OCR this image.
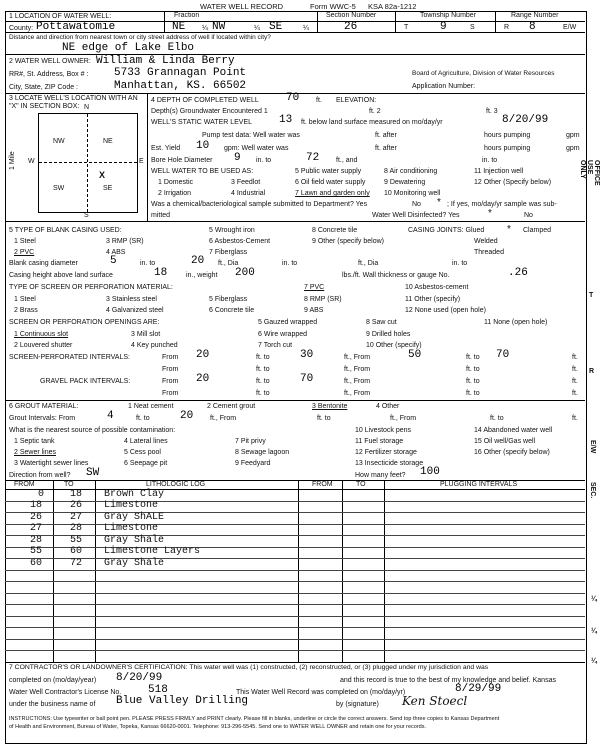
WATER WELL RECORD	Form WWC-5 KSA 82a-1212
1 LOCATION OF WATER WELL:	Fraction	Section Number	Township Number	Range Number
County: Pottawatomie	NE ¼ NW	¼ SE	¼	26	T	9	S	R 8	E/W
Distance and direction from nearest town or city street address of well if located within city?
NE edge of Lake Elbo
2 WATER WELL OWNER: William & Linda Berry
RR#, St. Address, Box # : 5733 Grannagan Point	Board of Agriculture, Division of Water Resources
City, State, ZIP Code :	Manhattan, KS. 66502	Application Number:
3 LOCATE WELL'S LOCATION WITH AN "X" IN SECTION BOX:
NW	NE
SW	SE
X
N
S
W	E
1 Mile
4 DEPTH OF COMPLETED WELL 70 ft. ELEVATION:
Depth(s) Groundwater Encountered 1	ft. 2	ft. 3
WELL'S STATIC WATER LEVEL 13 ft. below land surface measured on mo/day/yr	8/20/99
Pump test data: Well water was	ft. after	hours pumping	gpm
Est. Yield 10 gpm: Well water was	ft. after	hours pumping	gpm
Bore Hole Diameter 9 in. to	72 ft., and	in. to
WELL WATER TO BE USED AS:	5 Public water supply	8 Air conditioning	11 Injection well
1 Domestic	3 Feedlot	6 Oil field water supply	9 Dewatering	12 Other (Specify below)
2 Irrigation	4 Industrial	7 Lawn and garden only 10 Monitoring well
Was a chemical/bacteriological sample submitted to Department? Yes	No * ; If yes, mo/day/yr sample was sub-
mitted	Water Well Disinfected? Yes	*	No
5 TYPE OF BLANK CASING USED:	5 Wrought iron	8 Concrete tile	CASING JOINTS: Glued * Clamped
1 Steel	3 RMP (SR)	6 Asbestos-Cement	9 Other (specify below)	Welded
2 PVC	4 ABS	7 Fiberglass	Threaded
Blank casing diameter	5	in. to	20 ft., Dia	in. to	ft., Dia	in. to
Casing height above land surface	18	in., weight 200	lbs./ft. Wall thickness or gauge No.	.26
TYPE OF SCREEN OR PERFORATION MATERIAL:	7 PVC	10 Asbestos-cement
1 Steel	3 Stainless steel	5 Fiberglass	8 RMP (SR)	11 Other (specify)
2 Brass	4 Galvanized steel	6 Concrete tile	9 ABS	12 None used (open hole)
SCREEN OR PERFORATION OPENINGS ARE:	5 Gauzed wrapped	8 Saw cut	11 None (open hole)
1 Continuous slot	3 Mill slot	6 Wire wrapped	9 Drilled holes
2 Louvered shutter	4 Key punched	7 Torch cut	10 Other (specify)
SCREEN-PERFORATED INTERVALS:	From 20	ft. to	30	ft., From	50	ft. to 70	ft.
From	ft. to	ft., From	ft. to	ft.
GRAVEL PACK INTERVALS:	From 20	ft. to	70	ft., From	ft. to	ft.
From	ft. to	ft., From	ft. to	ft.
6 GROUT MATERIAL:	1 Neat cement	2 Cement grout	3 Bentonite	4 Other
Grout Intervals: From	4	ft. to	20 ft., From	ft. to	ft., From	ft. to	ft.
What is the nearest source of possible contamination:	10 Livestock pens	14 Abandoned water well
1 Septic tank	4 Lateral lines	7 Pit privy	11 Fuel storage	15 Oil well/Gas well
2 Sewer lines	5 Cess pool	8 Sewage lagoon	12 Fertilizer storage	16 Other (specify below)
3 Watertight sewer lines	6 Seepage pit	9 Feedyard	13 Insecticide storage
Direction from well? SW	How many feet? 100
FROM	TO	LITHOLOGIC LOG	FROM	TO	PLUGGING INTERVALS
0	18 Brown Clay
18	26 Limestone
26	27 Gray ShALE
27	28 Limestone
28	55 Gray Shale
55	60 Limestone Layers
60	72 Gray Shale
7 CONTRACTOR'S OR LANDOWNER'S CERTIFICATION: This water well was (1) constructed, (2) reconstructed, or (3) plugged under my jurisdiction and was
completed on (mo/day/year) 8/20/99	and this record is true to the best of my knowledge and belief. Kansas
Water Well Contractor's License No. 518	This Water Well Record was completed on (mo/day/yr)	8/29/99
under the business name of Blue Valley Drilling	by (signature) Ken Stoecl
INSTRUCTIONS: Use typewriter or ball point pen. PLEASE PRESS FIRMLY and PRINT clearly. Please fill in blanks, underline or circle the correct answers. Send top three copies to Kansas Department
of Health and Environment, Bureau of Water, Topeka, Kansas 66620-0001. Telephone: 913-296-5545. Send one to WATER WELL OWNER and retain one for your records.
OFFICE USE ONLY
T
R
E/W
SEC.
¼
¼
¼
